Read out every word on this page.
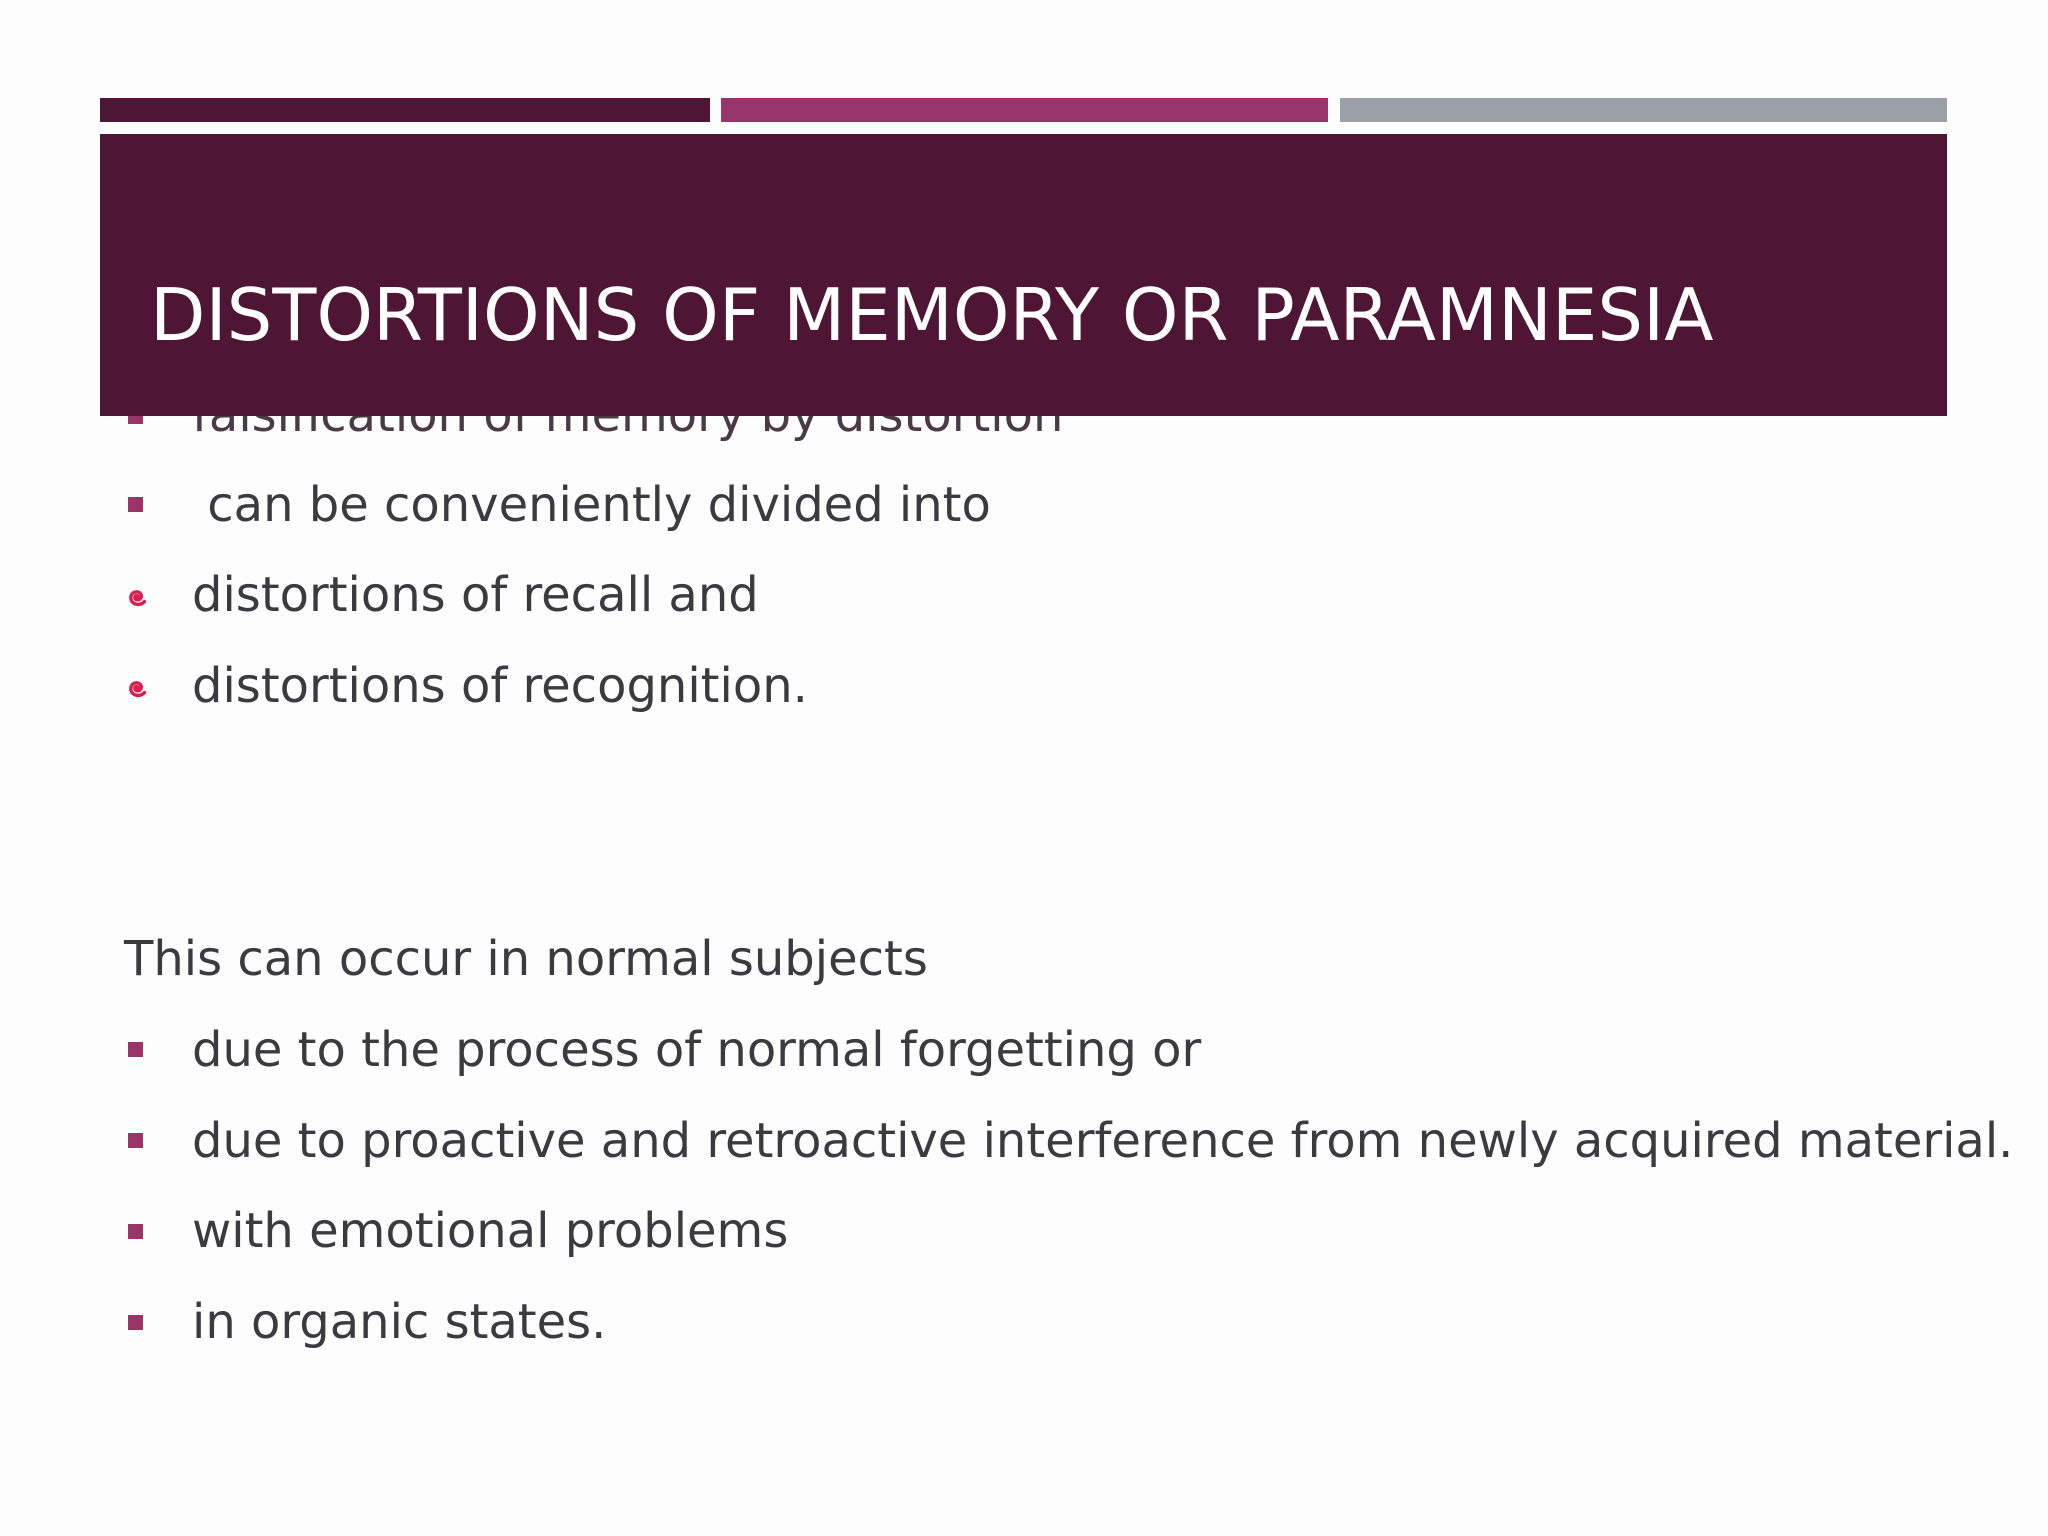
can be conveniently divided into
distortions of recall and
distortions of recognition.
This can occur in normal subjects
due to the process of normal forgetting or
due to proactive and retroactive interference from newly acquired material.
with emotional problems
in organic states.
DISTORTIONS OF MEMORY OR PARAMNESIA
